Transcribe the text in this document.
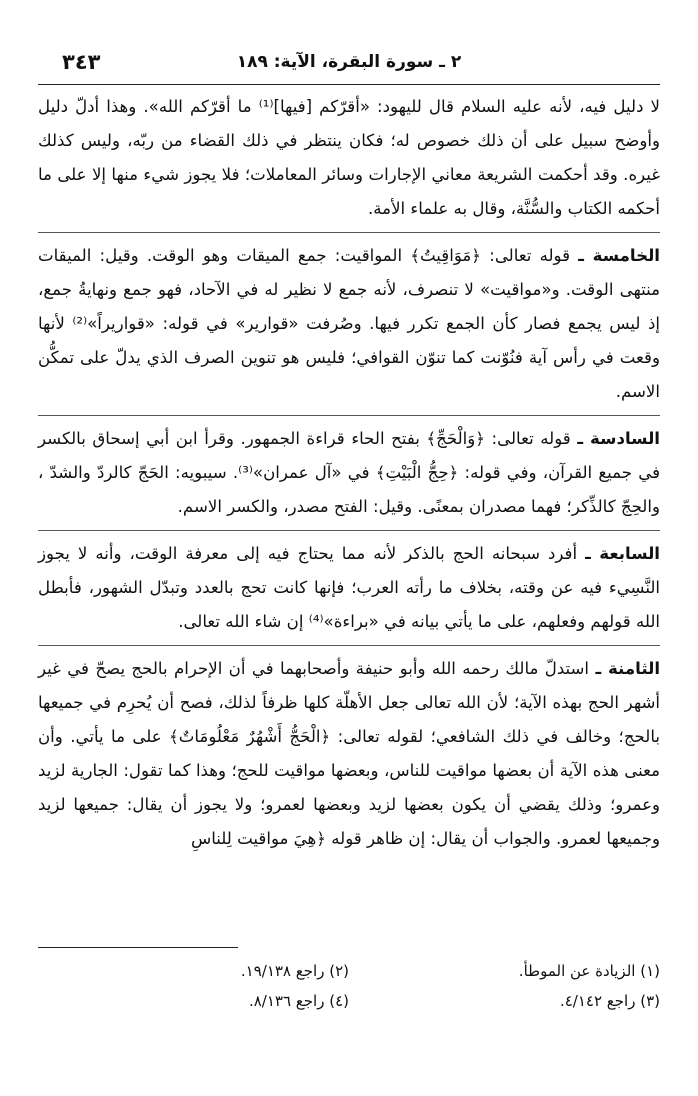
٢ ـ سورة البقرة، الآية: ١٨٩
٣٤٣

لا دليل فيه، لأنه عليه السلام قال لليهود: «أقرّكم [فيها]⁽¹⁾ ما أقرّكم الله». وهذا أدلّ دليل وأوضح سبيل على أن ذلك خصوص له؛ فكان ينتظر في ذلك القضاء من ربّه، وليس كذلك غيره. وقد أحكمت الشريعة معاني الإجارات وسائر المعاملات؛ فلا يجوز شيء منها إلا على ما أحكمه الكتاب والسُّنَّة، وقال به علماء الأمة.

الخامسة ـ قوله تعالى: ﴿مَوَاقِيتُ﴾ المواقيت: جمع الميقات وهو الوقت. وقيل: الميقات منتهى الوقت. و«مواقيت» لا تنصرف، لأنه جمع لا نظير له في الآحاد، فهو جمع ونهايةُ جمع، إذ ليس يجمع فصار كأن الجمع تكرر فيها. وصُرفت «قوارير» في قوله: «قواريراً»⁽²⁾ لأنها وقعت في رأس آية فنُوّنت كما تنوّن القوافي؛ فليس هو تنوين الصرف الذي يدلّ على تمكُّن الاسم.

السادسة ـ قوله تعالى: ﴿وَالْحَجِّ﴾ بفتح الحاء قراءة الجمهور. وقرأ ابن أبي إسحاق بالكسر في جميع القرآن، وفي قوله: ﴿حِجُّ الْبَيْتِ﴾ في «آل عمران»⁽³⁾. سيبويه: الحَجّ كالردّ والشدّ ، والحِجّ كالذِّكر؛ فهما مصدران بمعنًى. وقيل: الفتح مصدر، والكسر الاسم.

السابعة ـ أفرد سبحانه الحج بالذكر لأنه مما يحتاج فيه إلى معرفة الوقت، وأنه لا يجوز النَّسِيء فيه عن وقته، بخلاف ما رأته العرب؛ فإنها كانت تحج بالعدد وتبدّل الشهور، فأبطل الله قولهم وفعلهم، على ما يأتي بيانه في «براءة»⁽⁴⁾ إن شاء الله تعالى.

الثامنة ـ استدلّ مالك رحمه الله وأبو حنيفة وأصحابهما في أن الإحرام بالحج يصحّ في غير أشهر الحج بهذه الآية؛ لأن الله تعالى جعل الأهلّة كلها ظرفاً لذلك، فصح أن يُحرِم في جميعها بالحج؛ وخالف في ذلك الشافعي؛ لقوله تعالى: ﴿الْحَجُّ أَشْهُرٌ مَعْلُومَاتٌ﴾ على ما يأتي. وأن معنى هذه الآية أن بعضها مواقيت للناس، وبعضها مواقيت للحج؛ وهذا كما تقول: الجارية لزيد وعمرو؛ وذلك يقضي أن يكون بعضها لزيد وبعضها لعمرو؛ ولا يجوز أن يقال: جميعها لزيد وجميعها لعمرو. والجواب أن يقال: إن ظاهر قوله ﴿هِيَ مواقيت لِلناسِ

(١) الزيادة عن الموطأ.
(٢) راجع ١٩/١٣٨.
(٣) راجع ٤/١٤٢.
(٤) راجع ٨/١٣٦.
